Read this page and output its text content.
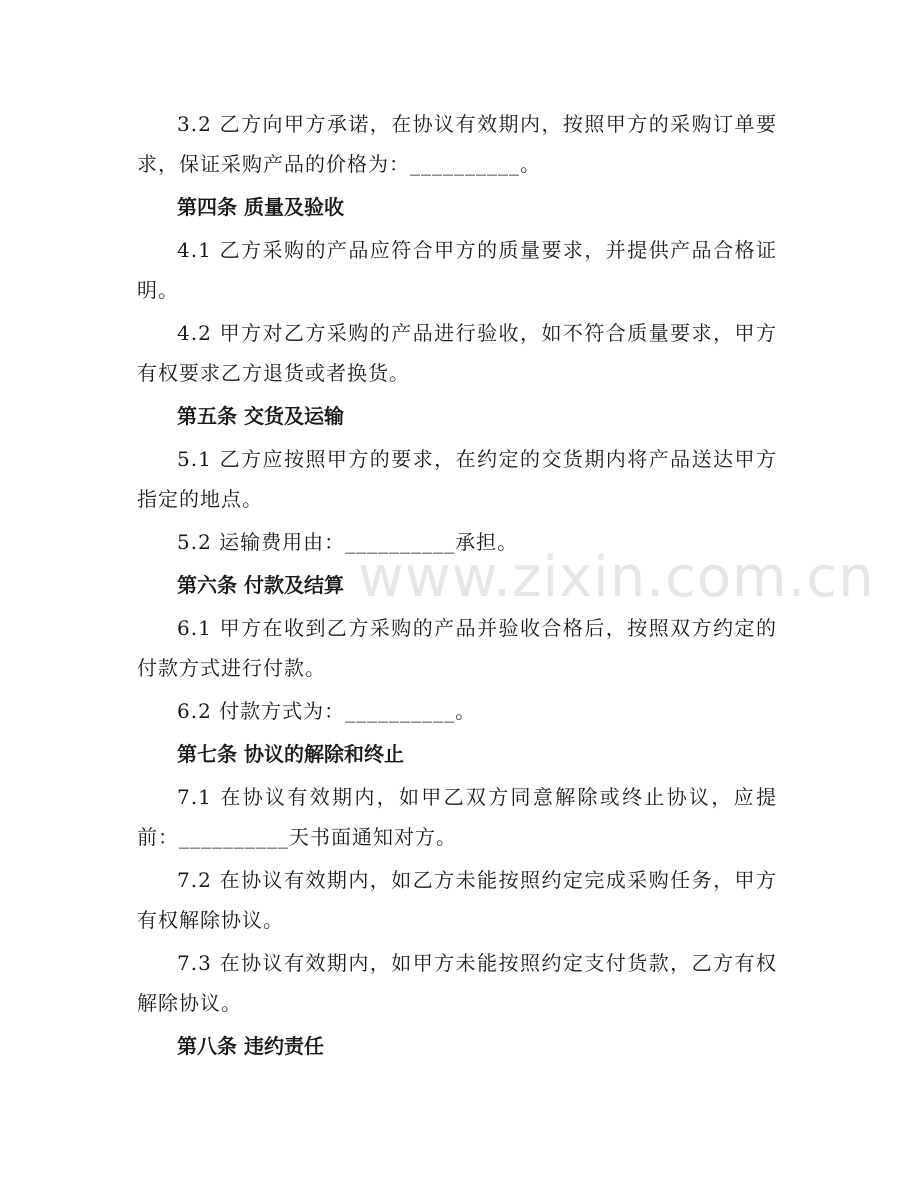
3.2 乙方向甲方承诺，在协议有效期内，按照甲方的采购订单要求，保证采购产品的价格为：__________。

第四条 质量及验收

4.1 乙方采购的产品应符合甲方的质量要求，并提供产品合格证明。

4.2 甲方对乙方采购的产品进行验收，如不符合质量要求，甲方有权要求乙方退货或者换货。

第五条 交货及运输

5.1 乙方应按照甲方的要求，在约定的交货期内将产品送达甲方指定的地点。

5.2 运输费用由：__________承担。

第六条 付款及结算

6.1 甲方在收到乙方采购的产品并验收合格后，按照双方约定的付款方式进行付款。

6.2 付款方式为：__________。

第七条 协议的解除和终止

7.1 在协议有效期内，如甲乙双方同意解除或终止协议，应提前：__________天书面通知对方。

7.2 在协议有效期内，如乙方未能按照约定完成采购任务，甲方有权解除协议。

7.3 在协议有效期内，如甲方未能按照约定支付货款，乙方有权解除协议。

第八条 违约责任

www.zixin.com.cn
